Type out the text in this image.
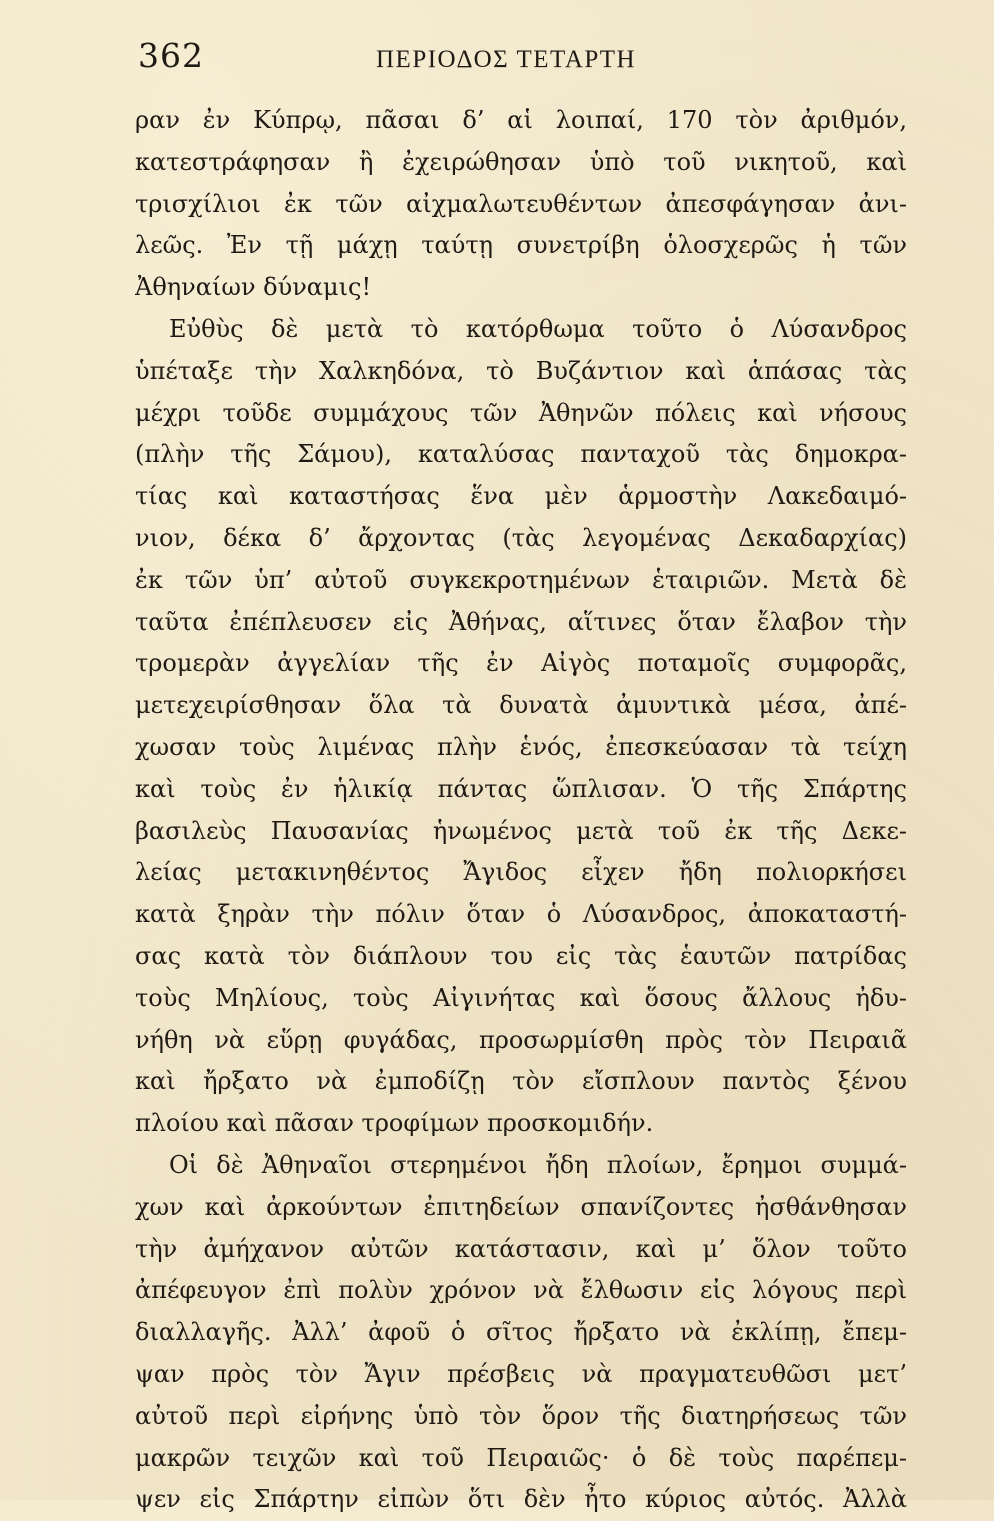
362	ΠΕΡΙΟΔΟΣ ΤΕΤΑΡΤΗ
ραν ἐν Κύπρῳ, πᾶσαι δ’ αἱ λοιπαί, 170 τὸν ἀριθμόν,
κατεστράφησαν ἢ ἐχειρώθησαν ὑπὸ τοῦ νικητοῦ, καὶ
τρισχίλιοι ἐκ τῶν αἰχμαλωτευθέντων ἀπεσφάγησαν ἀνι-
λεῶς. Ἐν τῇ μάχῃ ταύτῃ συνετρίβη ὁλοσχερῶς ἡ τῶν
Ἀθηναίων δύναμις!
Εὐθὺς δὲ μετὰ τὸ κατόρθωμα τοῦτο ὁ Λύσανδρος
ὑπέταξε τὴν Χαλκηδόνα, τὸ Βυζάντιον καὶ ἁπάσας τὰς
μέχρι τοῦδε συμμάχους τῶν Ἀθηνῶν πόλεις καὶ νήσους
(πλὴν τῆς Σάμου), καταλύσας πανταχοῦ τὰς δημοκρα-
τίας καὶ καταστήσας ἕνα μὲν ἁρμοστὴν Λακεδαιμό-
νιον, δέκα δ’ ἄρχοντας (τὰς λεγομένας Δεκαδαρχίας)
ἐκ τῶν ὑπ’ αὐτοῦ συγκεκροτημένων ἑταιριῶν. Μετὰ δὲ
ταῦτα ἐπέπλευσεν εἰς Ἀθήνας, αἵτινες ὅταν ἔλαβον τὴν
τρομερὰν ἀγγελίαν τῆς ἐν Αἰγὸς ποταμοῖς συμφορᾶς,
μετεχειρίσθησαν ὅλα τὰ δυνατὰ ἀμυντικὰ μέσα, ἀπέ-
χωσαν τοὺς λιμένας πλὴν ἑνός, ἐπεσκεύασαν τὰ τείχη
καὶ τοὺς ἐν ἡλικίᾳ πάντας ὥπλισαν. Ὁ τῆς Σπάρτης
βασιλεὺς Παυσανίας ἡνωμένος μετὰ τοῦ ἐκ τῆς Δεκε-
λείας μετακινηθέντος Ἄγιδος εἶχεν ἤδη πολιορκήσει
κατὰ ξηρὰν τὴν πόλιν ὅταν ὁ Λύσανδρος, ἀποκαταστή-
σας κατὰ τὸν διάπλουν του εἰς τὰς ἑαυτῶν πατρίδας
τοὺς Μηλίους, τοὺς Αἰγινήτας καὶ ὅσους ἄλλους ἠδυ-
νήθη νὰ εὕρῃ φυγάδας, προσωρμίσθη πρὸς τὸν Πειραιᾶ
καὶ ἤρξατο νὰ ἐμποδίζῃ τὸν εἴσπλουν παντὸς ξένου
πλοίου καὶ πᾶσαν τροφίμων προσκομιδήν.
Οἱ δὲ Ἀθηναῖοι στερημένοι ἤδη πλοίων, ἔρημοι συμμά-
χων καὶ ἀρκούντων ἐπιτηδείων σπανίζοντες ἠσθάνθησαν
τὴν ἀμήχανον αὐτῶν κατάστασιν, καὶ μ’ ὅλον τοῦτο
ἀπέφευγον ἐπὶ πολὺν χρόνον νὰ ἔλθωσιν εἰς λόγους περὶ
διαλλαγῆς. Ἀλλ’ ἀφοῦ ὁ σῖτος ἤρξατο νὰ ἐκλίπῃ, ἔπεμ-
ψαν πρὸς τὸν Ἄγιν πρέσβεις νὰ πραγματευθῶσι μετ’
αὐτοῦ περὶ εἰρήνης ὑπὸ τὸν ὅρον τῆς διατηρήσεως τῶν
μακρῶν τειχῶν καὶ τοῦ Πειραιῶς· ὁ δὲ τοὺς παρέπεμ-
ψεν εἰς Σπάρτην εἰπὼν ὅτι δὲν ἦτο κύριος αὐτός. Ἀλλὰ
